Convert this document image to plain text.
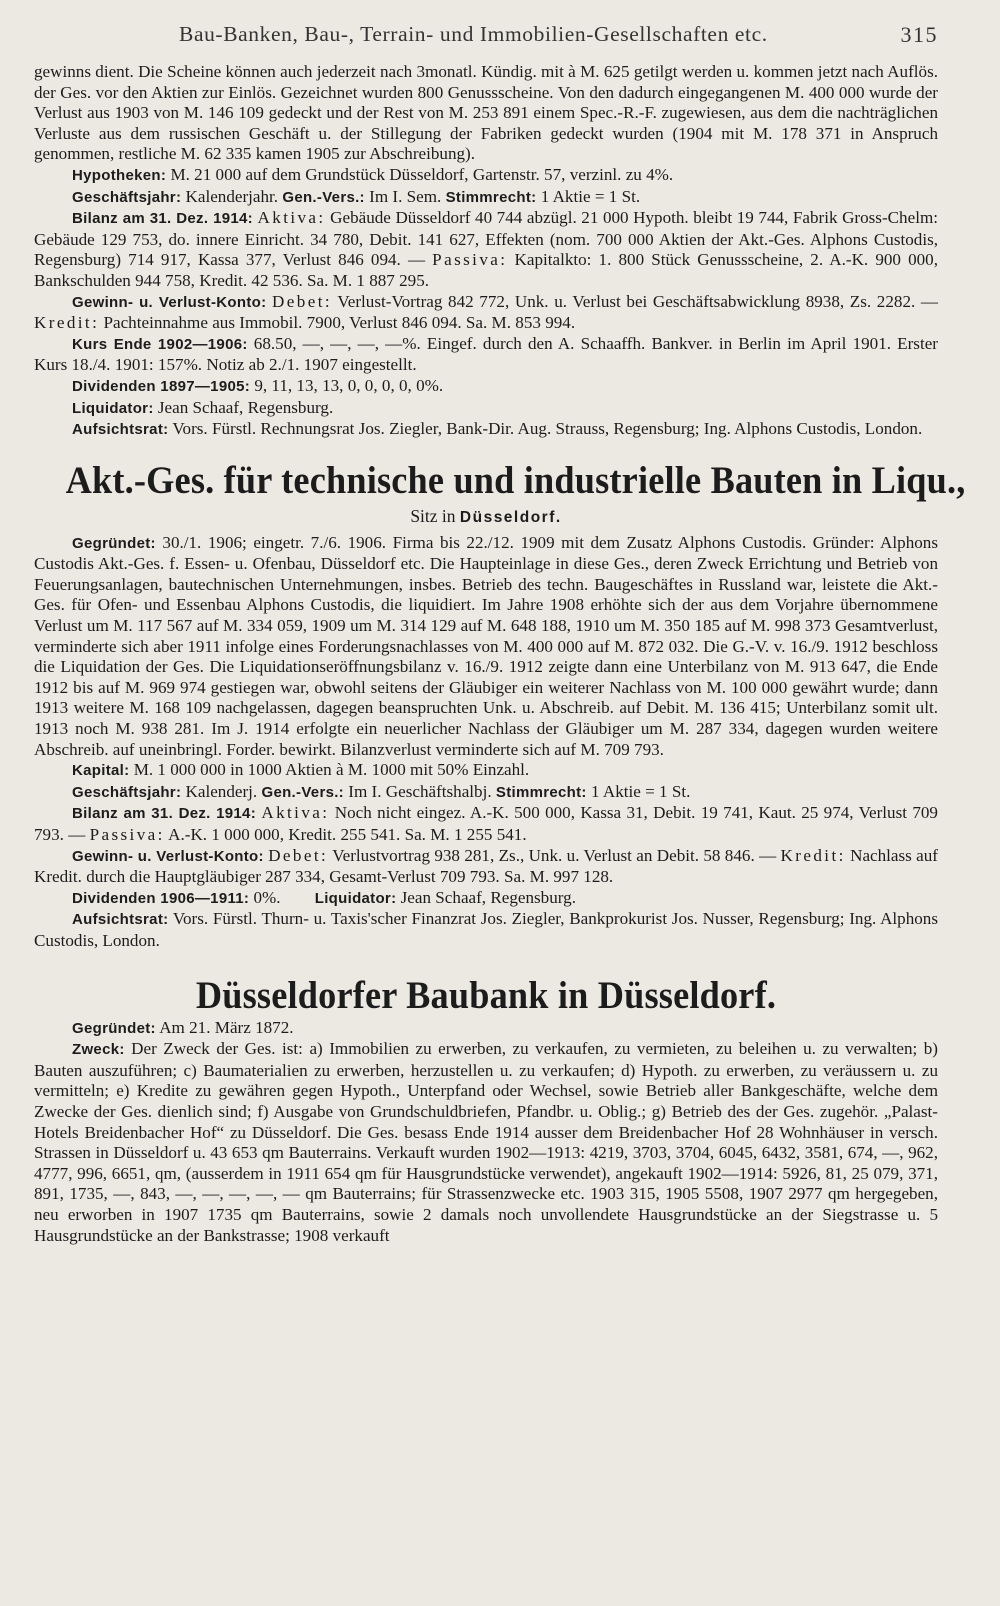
Bau-Banken, Bau-, Terrain- und Immobilien-Gesellschaften etc.	315

gewinns dient. Die Scheine können auch jederzeit nach 3monatl. Kündig. mit à M. 625 getilgt werden u. kommen jetzt nach Auflös. der Ges. vor den Aktien zur Einlös. Gezeichnet wurden 800 Genussscheine. Von den dadurch eingegangenen M. 400 000 wurde der Verlust aus 1903 von M. 146 109 gedeckt und der Rest von M. 253 891 einem Spec.-R.-F. zugewiesen, aus dem die nachträglichen Verluste aus dem russischen Geschäft u. der Stillegung der Fabriken gedeckt wurden (1904 mit M. 178 371 in Anspruch genommen, restliche M. 62 335 kamen 1905 zur Abschreibung).

Hypotheken: M. 21 000 auf dem Grundstück Düsseldorf, Gartenstr. 57, verzinl. zu 4%.

Geschäftsjahr: Kalenderjahr. Gen.-Vers.: Im I. Sem. Stimmrecht: 1 Aktie = 1 St.

Bilanz am 31. Dez. 1914: Aktiva: Gebäude Düsseldorf 40 744 abzügl. 21 000 Hypoth. bleibt 19 744, Fabrik Gross-Chelm: Gebäude 129 753, do. innere Einricht. 34 780, Debit. 141 627, Effekten (nom. 700 000 Aktien der Akt.-Ges. Alphons Custodis, Regensburg) 714 917, Kassa 377, Verlust 846 094. — Passiva: Kapitalkto: 1. 800 Stück Genussscheine, 2. A.-K. 900 000, Bankschulden 944 758, Kredit. 42 536. Sa. M. 1 887 295.

Gewinn- u. Verlust-Konto: Debet: Verlust-Vortrag 842 772, Unk. u. Verlust bei Geschäftsabwicklung 8938, Zs. 2282. — Kredit: Pachteinnahme aus Immobil. 7900, Verlust 846 094. Sa. M. 853 994.

Kurs Ende 1902—1906: 68.50, —, —, —, —%. Eingef. durch den A. Schaaffh. Bankver. in Berlin im April 1901. Erster Kurs 18./4. 1901: 157%. Notiz ab 2./1. 1907 eingestellt.

Dividenden 1897—1905: 9, 11, 13, 13, 0, 0, 0, 0, 0%.

Liquidator: Jean Schaaf, Regensburg.

Aufsichtsrat: Vors. Fürstl. Rechnungsrat Jos. Ziegler, Bank-Dir. Aug. Strauss, Regensburg; Ing. Alphons Custodis, London.

Akt.-Ges. für technische und industrielle Bauten in Liqu.,
Sitz in Düsseldorf.

Gegründet: 30./1. 1906; eingetr. 7./6. 1906. Firma bis 22./12. 1909 mit dem Zusatz Alphons Custodis. Gründer: Alphons Custodis Akt.-Ges. f. Essen- u. Ofenbau, Düsseldorf etc. Die Haupteinlage in diese Ges., deren Zweck Errichtung und Betrieb von Feuerungsanlagen, bautechnischen Unternehmungen, insbes. Betrieb des techn. Baugeschäftes in Russland war, leistete die Akt.-Ges. für Ofen- und Essenbau Alphons Custodis, die liquidiert. Im Jahre 1908 erhöhte sich der aus dem Vorjahre übernommene Verlust um M. 117 567 auf M. 334 059, 1909 um M. 314 129 auf M. 648 188, 1910 um M. 350 185 auf M. 998 373 Gesamtverlust, verminderte sich aber 1911 infolge eines Forderungsnachlasses von M. 400 000 auf M. 872 032. Die G.-V. v. 16./9. 1912 beschloss die Liquidation der Ges. Die Liquidationseröffnungsbilanz v. 16./9. 1912 zeigte dann eine Unterbilanz von M. 913 647, die Ende 1912 bis auf M. 969 974 gestiegen war, obwohl seitens der Gläubiger ein weiterer Nachlass von M. 100 000 gewährt wurde; dann 1913 weitere M. 168 109 nachgelassen, dagegen beanspruchten Unk. u. Abschreib. auf Debit. M. 136 415; Unterbilanz somit ult. 1913 noch M. 938 281. Im J. 1914 erfolgte ein neuerlicher Nachlass der Gläubiger um M. 287 334, dagegen wurden weitere Abschreib. auf uneinbringl. Forder. bewirkt. Bilanzverlust verminderte sich auf M. 709 793.

Kapital: M. 1 000 000 in 1000 Aktien à M. 1000 mit 50% Einzahl.

Geschäftsjahr: Kalenderj. Gen.-Vers.: Im I. Geschäftshalbj. Stimmrecht: 1 Aktie = 1 St.

Bilanz am 31. Dez. 1914: Aktiva: Noch nicht eingez. A.-K. 500 000, Kassa 31, Debit. 19 741, Kaut. 25 974, Verlust 709 793. — Passiva: A.-K. 1 000 000, Kredit. 255 541. Sa. M. 1 255 541.

Gewinn- u. Verlust-Konto: Debet: Verlustvortrag 938 281, Zs., Unk. u. Verlust an Debit. 58 846. — Kredit: Nachlass auf Kredit. durch die Hauptgläubiger 287 334, Gesamt-Verlust 709 793. Sa. M. 997 128.

Dividenden 1906—1911: 0%. Liquidator: Jean Schaaf, Regensburg.

Aufsichtsrat: Vors. Fürstl. Thurn- u. Taxis'scher Finanzrat Jos. Ziegler, Bankprokurist Jos. Nusser, Regensburg; Ing. Alphons Custodis, London.

Düsseldorfer Baubank in Düsseldorf.

Gegründet: Am 21. März 1872.

Zweck: Der Zweck der Ges. ist: a) Immobilien zu erwerben, zu verkaufen, zu vermieten, zu beleihen u. zu verwalten; b) Bauten auszuführen; c) Baumaterialien zu erwerben, herzustellen u. zu verkaufen; d) Hypoth. zu erwerben, zu veräussern u. zu vermitteln; e) Kredite zu gewähren gegen Hypoth., Unterpfand oder Wechsel, sowie Betrieb aller Bankgeschäfte, welche dem Zwecke der Ges. dienlich sind; f) Ausgabe von Grundschuldbriefen, Pfandbr. u. Oblig.; g) Betrieb des der Ges. zugehör. „Palast-Hotels Breidenbacher Hof“ zu Düsseldorf. Die Ges. besass Ende 1914 ausser dem Breidenbacher Hof 28 Wohnhäuser in versch. Strassen in Düsseldorf u. 43 653 qm Bauterrains. Verkauft wurden 1902—1913: 4219, 3703, 3704, 6045, 6432, 3581, 674, —, 962, 4777, 996, 6651, qm, (ausserdem in 1911 654 qm für Hausgrundstücke verwendet), angekauft 1902—1914: 5926, 81, 25 079, 371, 891, 1735, —, 843, —, —, —, —, — qm Bauterrains; für Strassenzwecke etc. 1903 315, 1905 5508, 1907 2977 qm hergegeben, neu erworben in 1907 1735 qm Bauterrains, sowie 2 damals noch unvollendete Hausgrundstücke an der Siegstrasse u. 5 Hausgrundstücke an der Bankstrasse; 1908 verkauft
